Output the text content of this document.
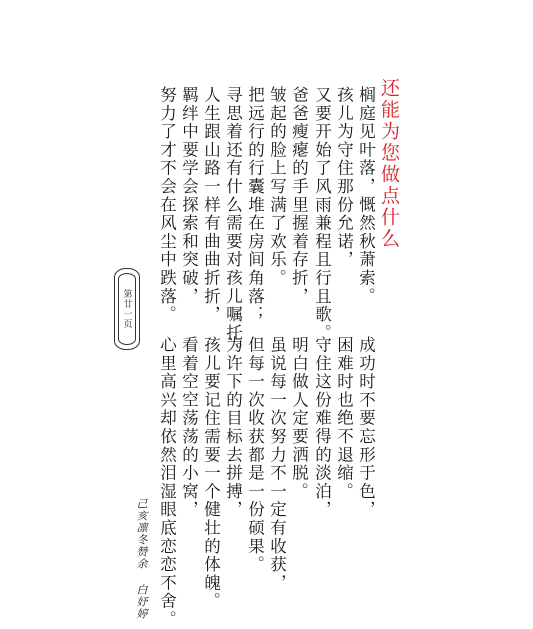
还能为您做点什么
榈庭见叶落，慨然秋萧索。
孩儿为守住那份允诺，
又要开始了风雨兼程且行且歌。
爸爸瘦瘪的手里握着存折，
皱起的脸上写满了欢乐。
把远行的行囊堆在房间角落；
寻思着还有什么需要对孩儿嘱托。
人生跟山路一样有曲曲折折，
羁绊中要学会探索和突破，
努力了才不会在风尘中跌落。
第廿一页
成功时不要忘形于色，
困难时也绝不退缩。
守住这份难得的淡泊，
明白做人定要洒脱。
虽说每一次努力不一定有收获，
但每一次收获都是一份硕果。
为许下的目标去拼搏，
孩儿要记住需要一个健壮的体魄。
看着空空荡荡的小窝，
心里高兴却依然泪湿眼底恋恋不舍。
己亥凛冬赞余 白妤婷
